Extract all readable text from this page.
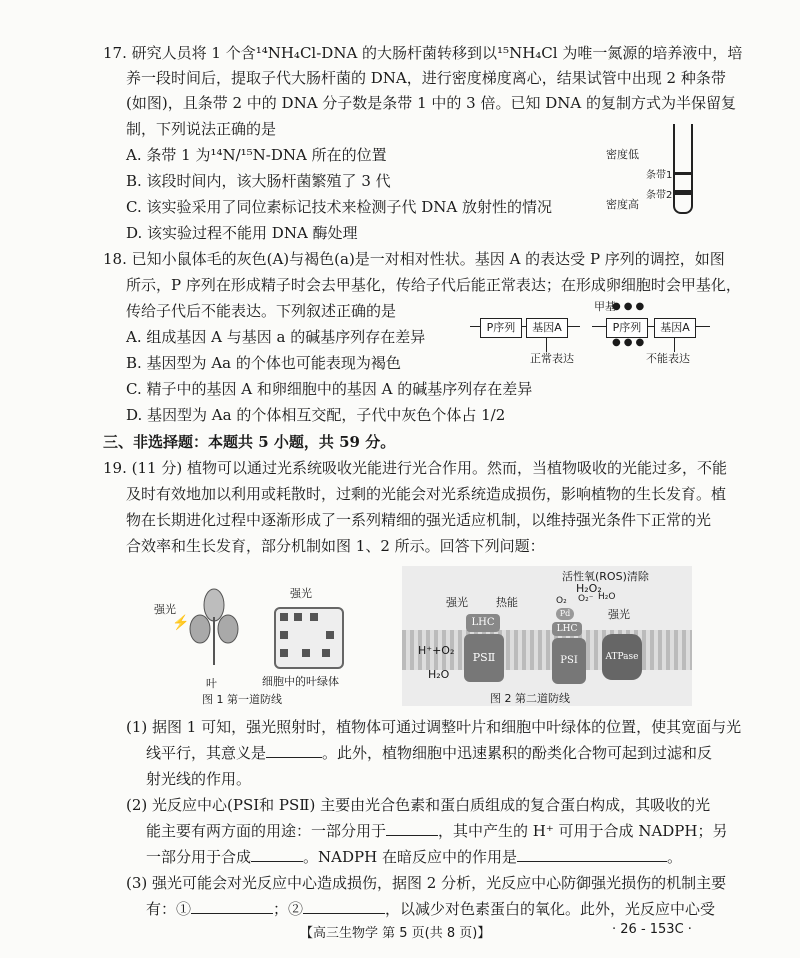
17. 研究人员将 1 个含¹⁴NH₄Cl-DNA 的大肠杆菌转移到以¹⁵NH₄Cl 为唯一氮源的培养液中，培
养一段时间后，提取子代大肠杆菌的 DNA，进行密度梯度离心，结果试管中出现 2 种条带
(如图)，且条带 2 中的 DNA 分子数是条带 1 中的 3 倍。已知 DNA 的复制方式为半保留复
制，下列说法正确的是
A. 条带 1 为¹⁴N/¹⁵N-DNA 所在的位置
B. 该段时间内，该大肠杆菌繁殖了 3 代
C. 该实验采用了同位素标记技术来检测子代 DNA 放射性的情况
D. 该实验过程不能用 DNA 酶处理
密度低
密度高
条带1
条带2
18. 已知小鼠体毛的灰色(A)与褐色(a)是一对相对性状。基因 A 的表达受 P 序列的调控，如图
所示，P 序列在形成精子时会去甲基化，传给子代后能正常表达；在形成卵细胞时会甲基化，
传给子代后不能表达。下列叙述正确的是
A. 组成基因 A 与基因 a 的碱基序列存在差异
B. 基因型为 Aa 的个体也可能表现为褐色
C. 精子中的基因 A 和卵细胞中的基因 A 的碱基序列存在差异
D. 基因型为 Aa 的个体相互交配，子代中灰色个体占 1/2
P序列	基因A
正常表达
甲基
P序列	基因A
●●●
●●●
不能表达
三、非选择题：本题共 5 小题，共 59 分。
19. (11 分) 植物可以通过光系统吸收光能进行光合作用。然而，当植物吸收的光能过多，不能
及时有效地加以利用或耗散时，过剩的光能会对光系统造成损伤，影响植物的生长发育。植
物在长期进化过程中逐渐形成了一系列精细的强光适应机制，以维持强光条件下正常的光
合效率和生长发育，部分机制如图 1、2 所示。回答下列问题：
强光
⚡
叶
强光
细胞中的叶绿体
图 1 第一道防线
强光	热能
LHC
PSⅡ
H⁺+O₂
H₂O
活性氧(ROS)清除
H₂O₂
O₂⁻
O₂	H₂O
Pd	强光
LHC
PSⅠ	ATPase
图 2 第二道防线
(1) 据图 1 可知，强光照射时，植物体可通过调整叶片和细胞中叶绿体的位置，使其宽面与光
线平行，其意义是	。此外，植物细胞中迅速累积的酚类化合物可起到过滤和反
射光线的作用。
(2) 光反应中心(PSⅠ和 PSⅡ) 主要由光合色素和蛋白质组成的复合蛋白构成，其吸收的光
能主要有两方面的用途：一部分用于	，其中产生的 H⁺ 可用于合成 NADPH；另
一部分用于合成	。NADPH 在暗反应中的作用是	。
(3) 强光可能会对光反应中心造成损伤，据图 2 分析，光反应中心防御强光损伤的机制主要
有：①	；②	，以减少对色素蛋白的氧化。此外，光反应中心受
【高三生物学 第 5 页(共 8 页)】	· 26 - 153C ·
